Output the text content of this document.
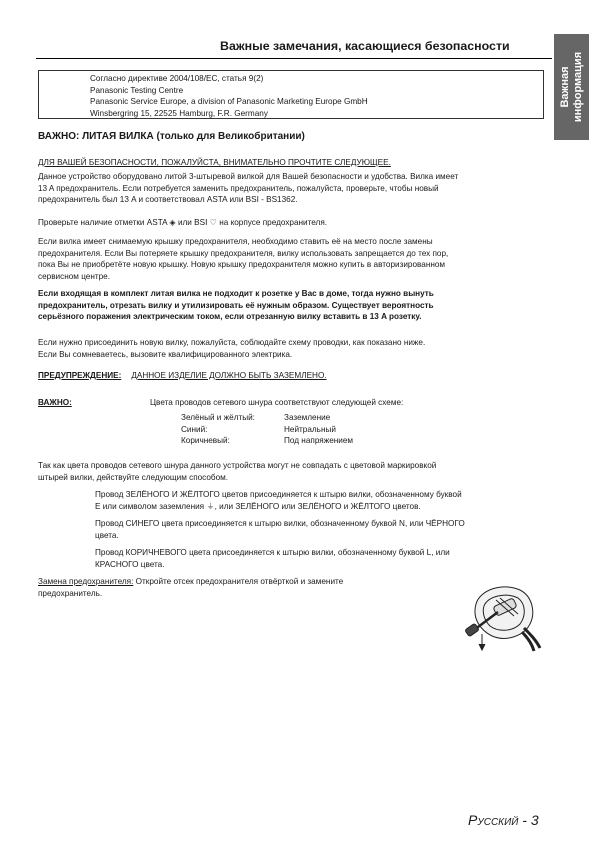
Важные замечания, касающиеся безопасности
Важная информация
Согласно директиве 2004/108/EC, статья 9(2)
Panasonic Testing Centre
Panasonic Service Europe, a division of Panasonic Marketing Europe GmbH
Winsbergring 15, 22525 Hamburg, F.R. Germany
ВАЖНО: ЛИТАЯ ВИЛКА (только для Великобритании)
ДЛЯ ВАШЕЙ БЕЗОПАСНОСТИ, ПОЖАЛУЙСТА, ВНИМАТЕЛЬНО ПРОЧТИТЕ СЛЕДУЮЩЕЕ.
Данное устройство оборудовано литой 3-штыревой вилкой для Вашей безопасности и удобства. Вилка имеет
13 A предохранитель. Если потребуется заменить предохранитель, пожалуйста, проверьте, чтобы новый
предохранитель был 13 A и соответствовал ASTA или BSI - BS1362.
Проверьте наличие отметки ASTA ◈ или BSI ♡ на корпусе предохранителя.
Если вилка имеет снимаемую крышку предохранителя, необходимо ставить её на место после замены
предохранителя. Если Вы потеряете крышку предохранителя, вилку использовать запрещается до тех пор,
пока Вы не приобретёте новую крышку. Новую крышку предохранителя можно купить в авторизированном
сервисном центре.
Если входящая в комплект литая вилка не подходит к розетке у Вас в доме, тогда нужно вынуть
предохранитель, отрезать вилку и утилизировать её нужным образом. Существует вероятность
серьёзного поражения электрическим током, если отрезанную вилку вставить в 13 A розетку.
Если нужно присоединить новую вилку, пожалуйста, соблюдайте схему проводки, как показано ниже.
Если Вы сомневаетесь, вызовите квалифицированного электрика.
ПРЕДУПРЕЖДЕНИЕ: ДАННОЕ ИЗДЕЛИЕ ДОЛЖНО БЫТЬ ЗАЗЕМЛЕНО.
ВАЖНО:	Цвета проводов сетевого шнура соответствуют следующей схеме:
Зелёный и жёлтый:	Заземление
Синий:	Нейтральный
Коричневый:	Под напряжением
Так как цвета проводов сетевого шнура данного устройства могут не совпадать с цветовой маркировкой
штырей вилки, действуйте следующим способом.
Провод ЗЕЛЁНОГО И ЖЁЛТОГО цветов присоединяется к штырю вилки, обозначенному буквой
E или символом заземления ⏚, или ЗЕЛЁНОГО или ЗЕЛЁНОГО и ЖЁЛТОГО цветов.
Провод СИНЕГО цвета присоединяется к штырю вилки, обозначенному буквой N, или ЧЁРНОГО
цвета.
Провод КОРИЧНЕВОГО цвета присоединяется к штырю вилки, обозначенному буквой L, или
КРАСНОГО цвета.
Замена предохранителя: Откройте отсек предохранителя отвёрткой и замените
предохранитель.
Русский - 3
